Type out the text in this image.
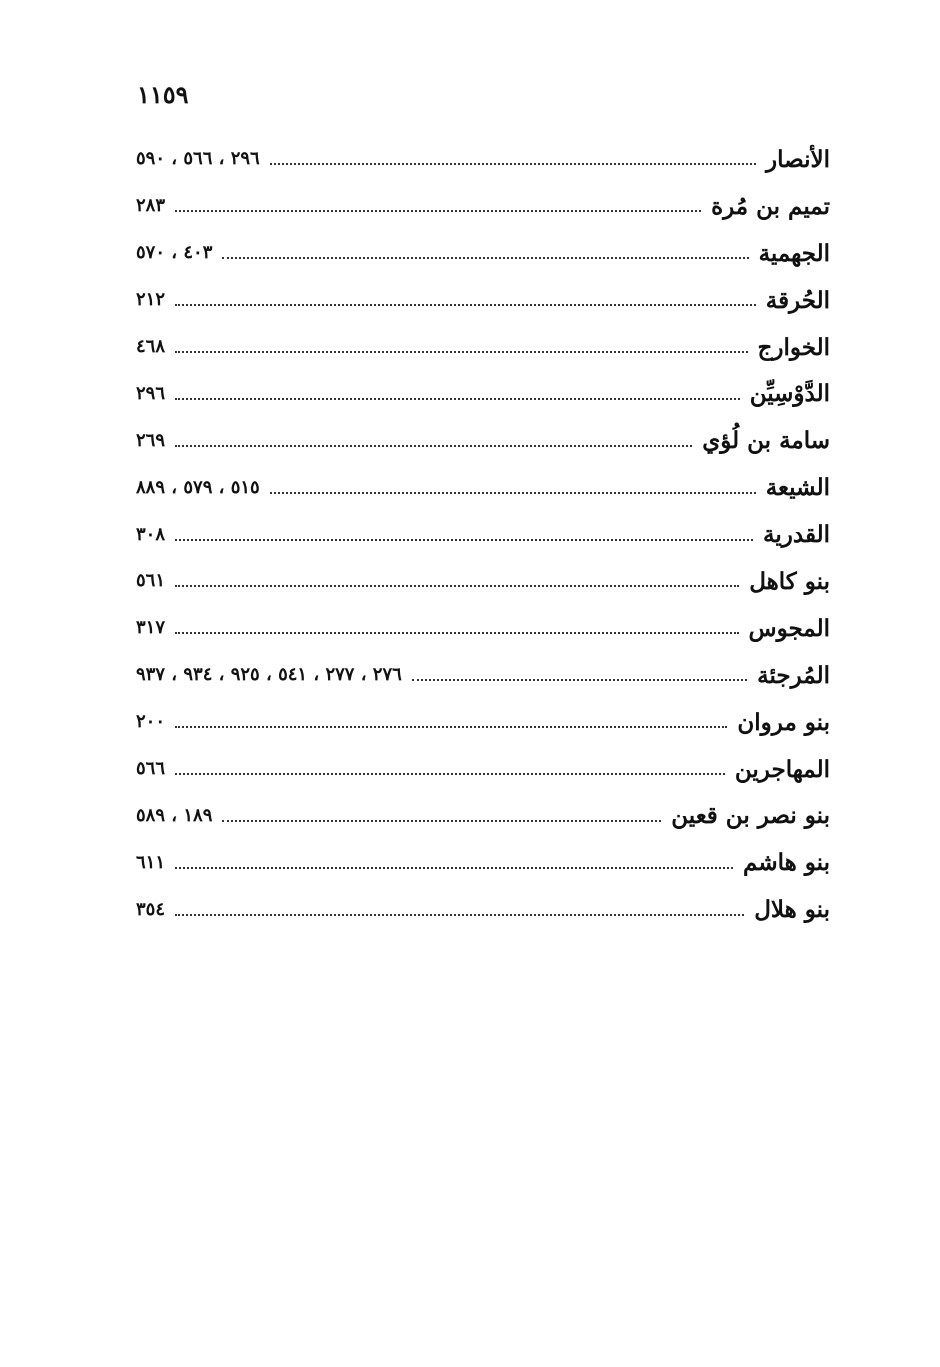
١١٥٩
الأنصار
٢٩٦ ، ٥٦٦ ، ٥٩٠
تميم بن مُرة
٢٨٣
الجهمية
٤٠٣ ، ٥٧٠
الحُرقة
٢١٢
الخوارج
٤٦٨
الدَّوْسِيِّن
٢٩٦
سامة بن لُؤي
٢٦٩
الشيعة
٥١٥ ، ٥٧٩ ، ٨٨٩
القدرية
٣٠٨
بنو كاهل
٥٦١
المجوس
٣١٧
المُرجئة
٢٧٦ ، ٢٧٧ ، ٥٤١ ، ٩٢٥ ، ٩٣٤ ، ٩٣٧
بنو مروان
٢٠٠
المهاجرين
٥٦٦
بنو نصر بن قعين
١٨٩ ، ٥٨٩
بنو هاشم
٦١١
بنو هلال
٣٥٤
